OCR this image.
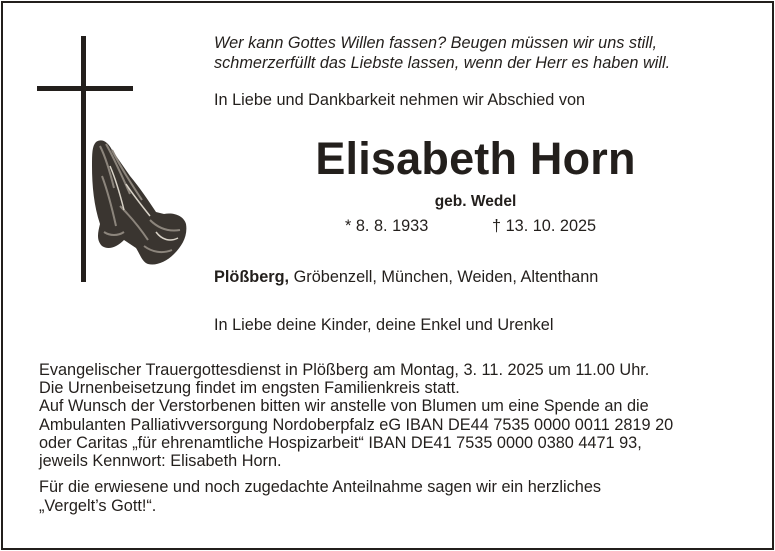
Wer kann Gottes Willen fassen? Beugen müssen wir uns still,
schmerzerfüllt das Liebste lassen, wenn der Herr es haben will.
In Liebe und Dankbarkeit nehmen wir Abschied von
Elisabeth Horn
geb. Wedel
* 8. 8. 1933	† 13. 10. 2025
Plößberg, Gröbenzell, München, Weiden, Altenthann
In Liebe deine Kinder, deine Enkel und Urenkel
Evangelischer Trauergottesdienst in Plößberg am Montag, 3. 11. 2025 um 11.00 Uhr.
Die Urnenbeisetzung findet im engsten Familienkreis statt.
Auf Wunsch der Verstorbenen bitten wir anstelle von Blumen um eine Spende an die
Ambulanten Palliativversorgung Nordoberpfalz eG IBAN DE44 7535 0000 0011 2819 20
oder Caritas „für ehrenamtliche Hospizarbeit“ IBAN DE41 7535 0000 0380 4471 93,
jeweils Kennwort: Elisabeth Horn.
Für die erwiesene und noch zugedachte Anteilnahme sagen wir ein herzliches
„Vergelt’s Gott!“.
